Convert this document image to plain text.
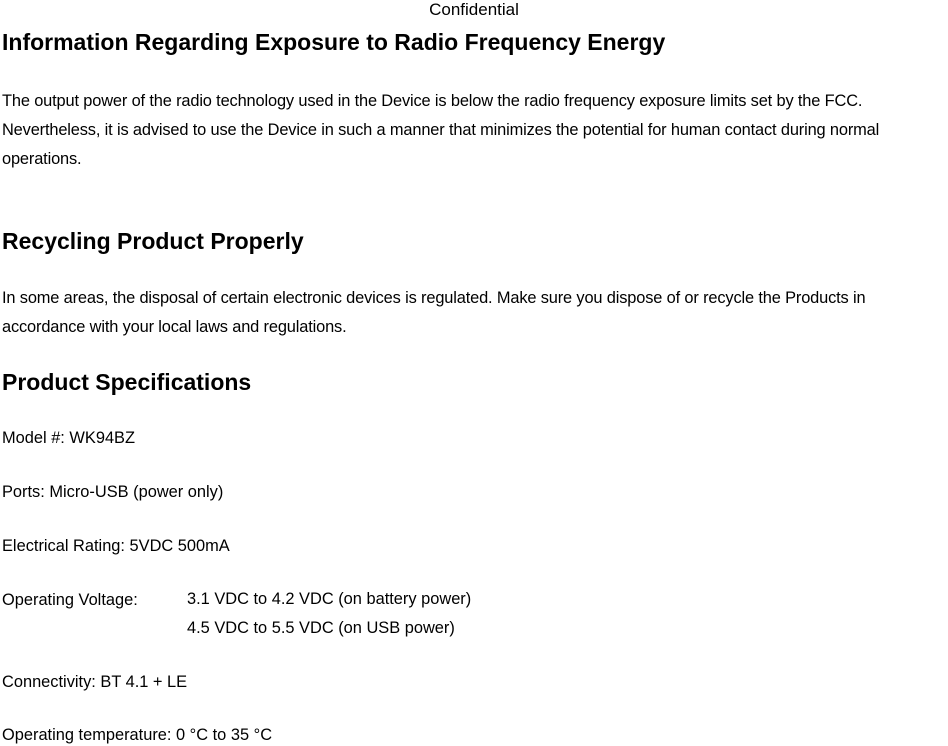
Confidential
Information Regarding Exposure to Radio Frequency Energy

The output power of the radio technology used in the Device is below the radio frequency exposure limits set by the FCC. Nevertheless, it is advised to use the Device in such a manner that minimizes the potential for human contact during normal operations.

Recycling Product Properly

In some areas, the disposal of certain electronic devices is regulated. Make sure you dispose of or recycle the Products in accordance with your local laws and regulations.

Product Specifications

Model #: WK94BZ

Ports: Micro-USB (power only)

Electrical Rating: 5VDC 500mA

Operating Voltage:	3.1 VDC to 4.2 VDC (on battery power)
4.5 VDC to 5.5 VDC (on USB power)

Connectivity: BT 4.1 + LE

Operating temperature: 0 °C to 35 °C
